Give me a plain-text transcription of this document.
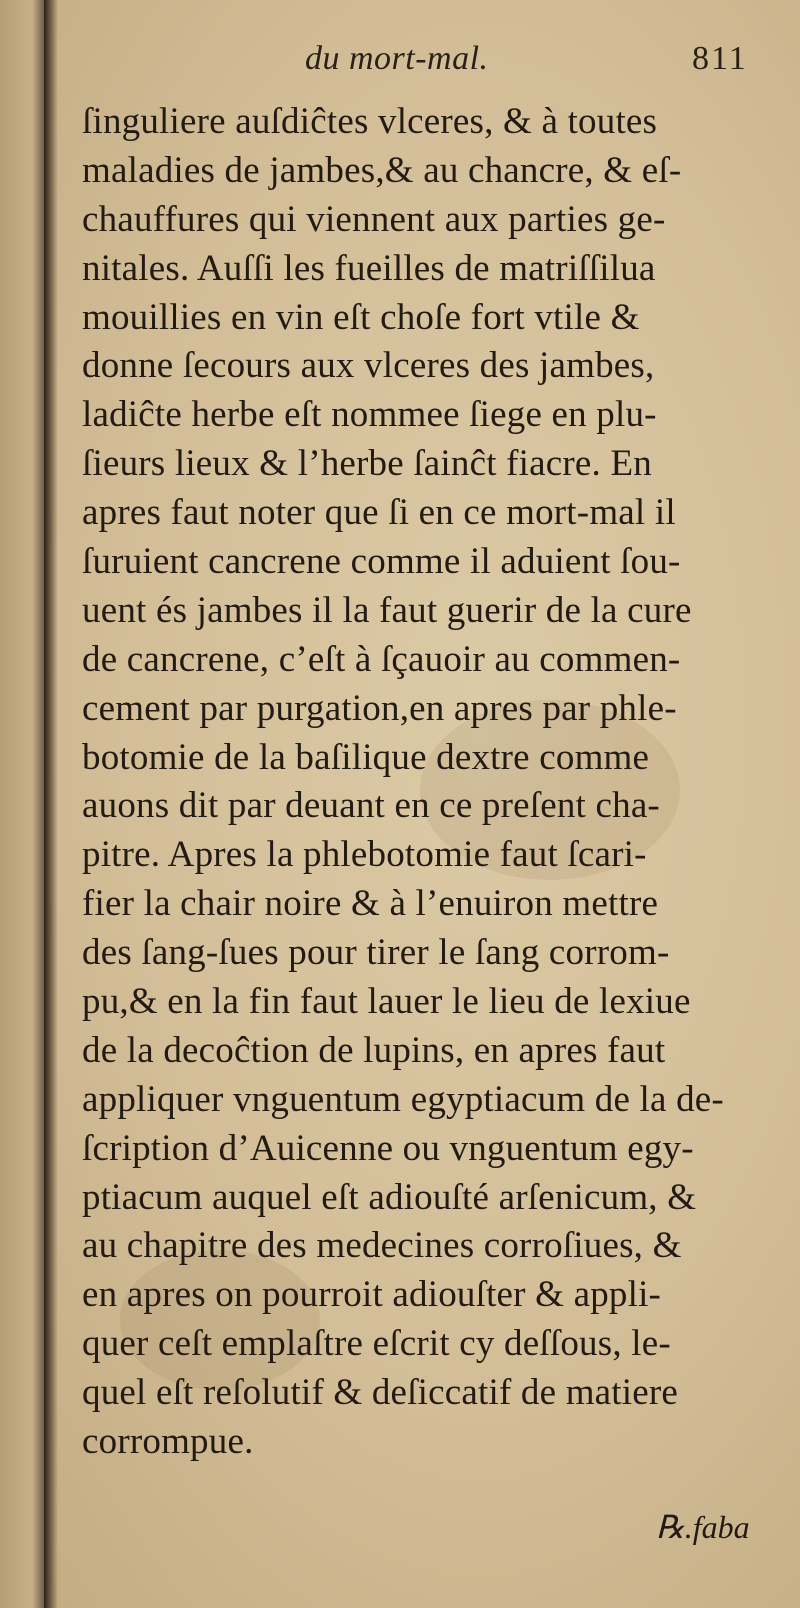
du mort-mal.	811
ſinguliere auſdiĉtes vlceres, & à toutes
maladies de jambes,& au chancre, & eſ-
chauffures qui viennent aux parties ge-
nitales. Auſſi les fueilles de matriſſilua
mouillies en vin eſt choſe fort vtile &
donne ſecours aux vlceres des jambes,
ladiĉte herbe eſt nommee ſiege en plu-
ſieurs lieux & l’herbe ſainĉt fiacre. En
apres faut noter que ſi en ce mort-mal il
ſuruient cancrene comme il aduient ſou-
uent és jambes il la faut guerir de la cure
de cancrene, c’eſt à ſçauoir au commen-
cement par purgation,en apres par phle-
botomie de la baſilique dextre comme
auons dit par deuant en ce preſent cha-
pitre. Apres la phlebotomie faut ſcari-
fier la chair noire & à l’enuiron mettre
des ſang-ſues pour tirer le ſang corrom-
pu,& en la fin faut lauer le lieu de lexiue
de la decoĉtion de lupins, en apres faut
appliquer vnguentum egyptiacum de la de-
ſcription d’Auicenne ou vnguentum egy-
ptiacum auquel eſt adiouſté arſenicum, &
au chapitre des medecines corroſiues, &
en apres on pourroit adiouſter & appli-
quer ceſt emplaſtre eſcrit cy deſſous, le-
quel eſt reſolutif & deſiccatif de matiere
corrompue.
℞.faba
